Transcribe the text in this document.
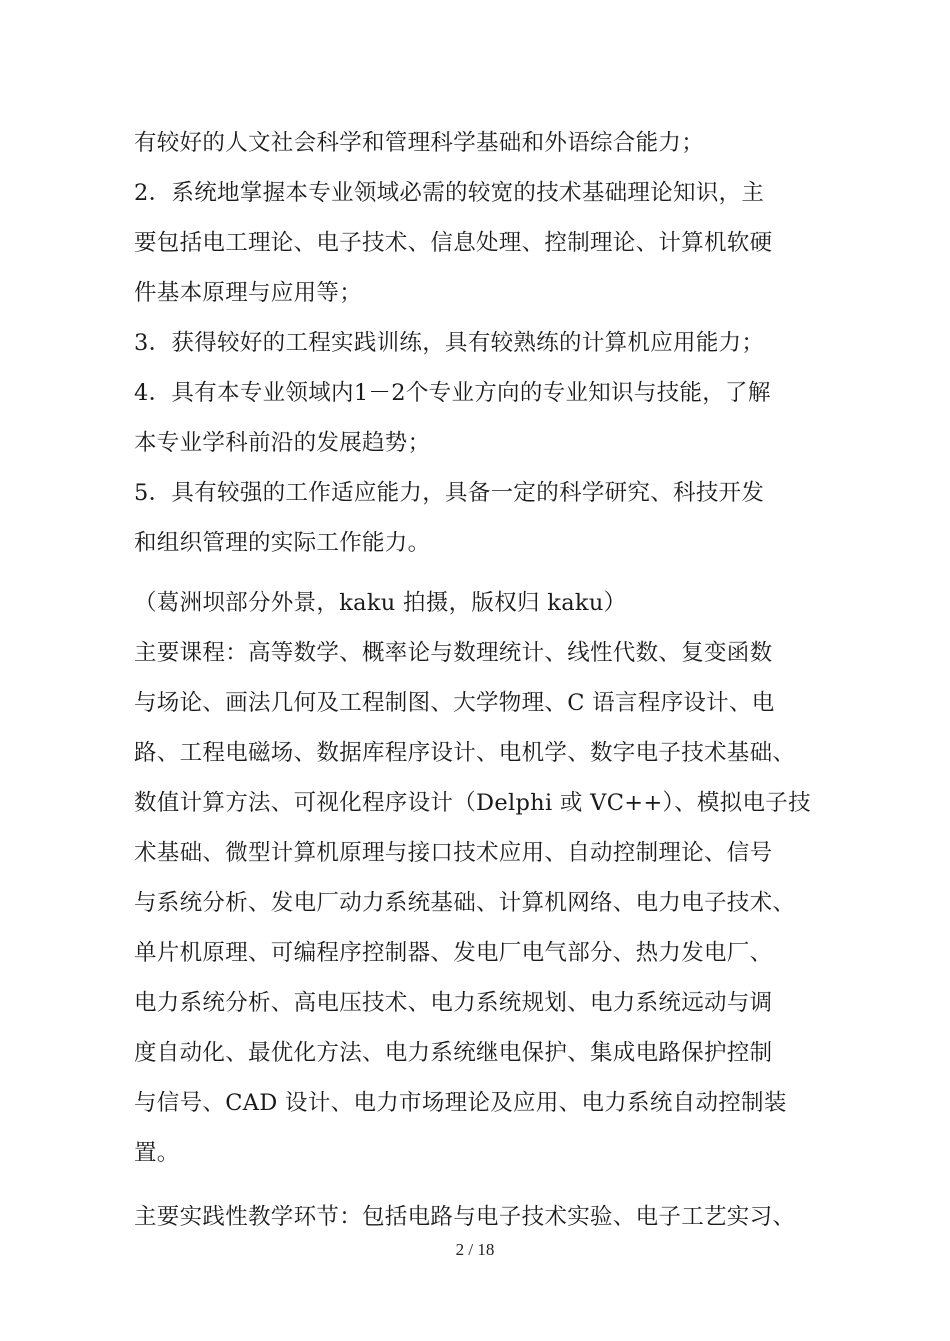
有较好的人文社会科学和管理科学基础和外语综合能力；
2．系统地掌握本专业领域必需的较宽的技术基础理论知识，主
要包括电工理论、电子技术、信息处理、控制理论、计算机软硬
件基本原理与应用等；
3．获得较好的工程实践训练，具有较熟练的计算机应用能力；
4．具有本专业领域内1－2个专业方向的专业知识与技能，了解
本专业学科前沿的发展趋势；
5．具有较强的工作适应能力，具备一定的科学研究、科技开发
和组织管理的实际工作能力。
（葛洲坝部分外景，kaku 拍摄，版权归 kaku）
主要课程：高等数学、概率论与数理统计、线性代数、复变函数
与场论、画法几何及工程制图、大学物理、C 语言程序设计、电
路、工程电磁场、数据库程序设计、电机学、数字电子技术基础、
数值计算方法、可视化程序设计（Delphi 或 VC++）、模拟电子技
术基础、微型计算机原理与接口技术应用、自动控制理论、信号
与系统分析、发电厂动力系统基础、计算机网络、电力电子技术、
单片机原理、可编程序控制器、发电厂电气部分、热力发电厂、
电力系统分析、高电压技术、电力系统规划、电力系统远动与调
度自动化、最优化方法、电力系统继电保护、集成电路保护控制
与信号、CAD 设计、电力市场理论及应用、电力系统自动控制装
置。
主要实践性教学环节：包括电路与电子技术实验、电子工艺实习、
2 / 18
